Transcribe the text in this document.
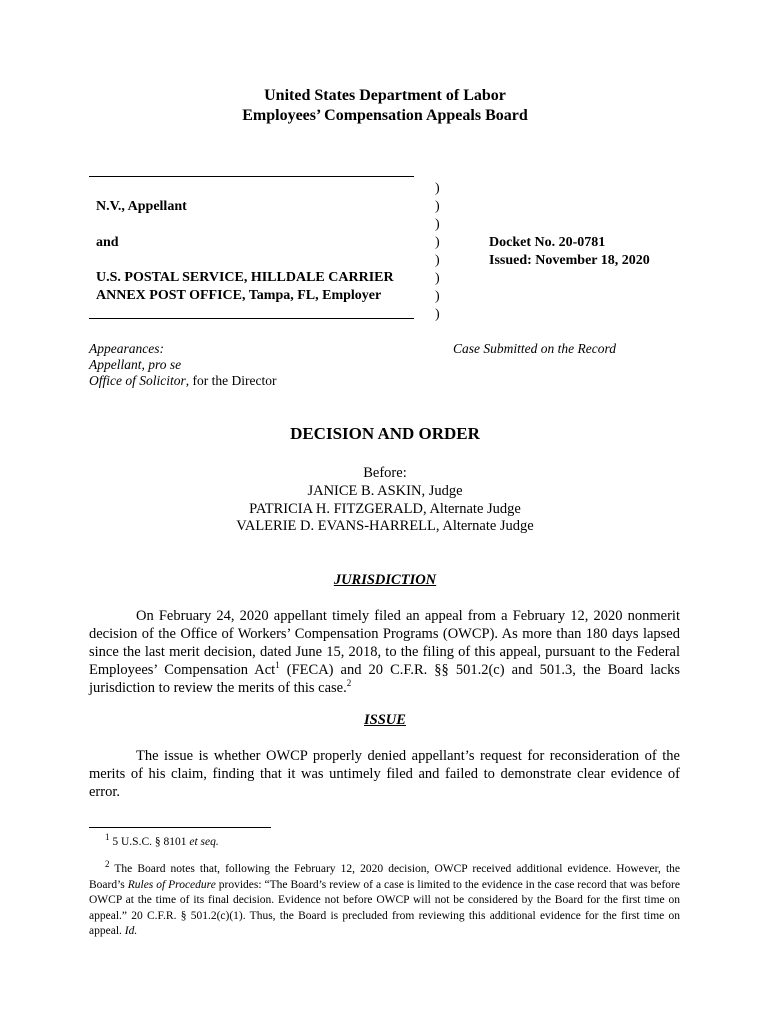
United States Department of Labor
Employees’ Compensation Appeals Board
N.V., Appellant
and
U.S. POSTAL SERVICE, HILLDALE CARRIER
ANNEX POST OFFICE, Tampa, FL, Employer
)
)
)
)
)
)
)
)
Docket No. 20-0781
Issued: November 18, 2020
Appearances:
Appellant, pro se
Office of Solicitor, for the Director
Case Submitted on the Record
DECISION AND ORDER
Before:
JANICE B. ASKIN, Judge
PATRICIA H. FITZGERALD, Alternate Judge
VALERIE D. EVANS-HARRELL, Alternate Judge
JURISDICTION
On February 24, 2020 appellant timely filed an appeal from a February 12, 2020 nonmerit decision of the Office of Workers’ Compensation Programs (OWCP). As more than 180 days lapsed since the last merit decision, dated June 15, 2018, to the filing of this appeal, pursuant to the Federal Employees’ Compensation Act$^1$ (FECA) and 20 C.F.R. §§ 501.2(c) and 501.3, the Board lacks jurisdiction to review the merits of this case.$^2$
ISSUE
The issue is whether OWCP properly denied appellant’s request for reconsideration of the merits of his claim, finding that it was untimely filed and failed to demonstrate clear evidence of error.
$^1$ 5 U.S.C. § 8101 et seq.
$^2$ The Board notes that, following the February 12, 2020 decision, OWCP received additional evidence. However, the Board’s Rules of Procedure provides: “The Board’s review of a case is limited to the evidence in the case record that was before OWCP at the time of its final decision. Evidence not before OWCP will not be considered by the Board for the first time on appeal.” 20 C.F.R. § 501.2(c)(1). Thus, the Board is precluded from reviewing this additional evidence for the first time on appeal. Id.
